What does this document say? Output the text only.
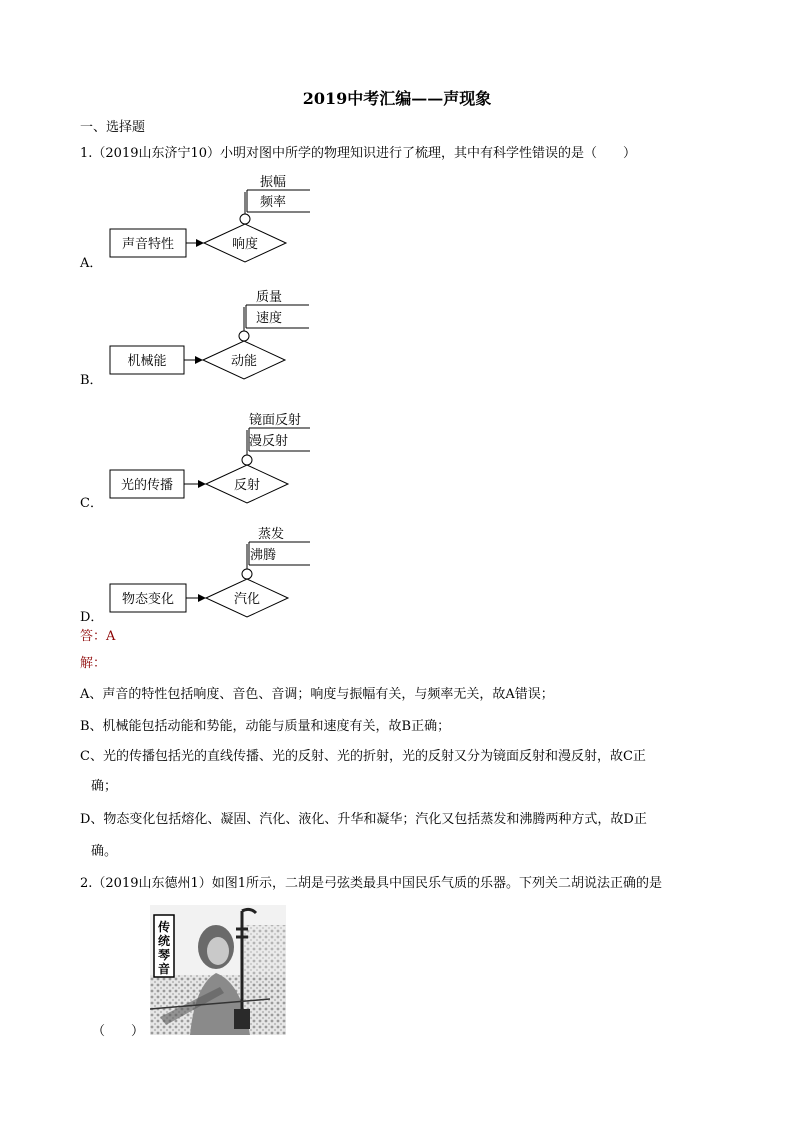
2019中考汇编——声现象
一、选择题
1.（2019山东济宁10）小明对图中所学的物理知识进行了梳理，其中有科学性错误的是（　　）
声音特性	响度
振幅
频率
A．
机械能	动能
质量
速度
B．
光的传播	反射
镜面反射
漫反射
C．
物态变化	汽化
蒸发
沸腾
D．
答：A
解：
A、声音的特性包括响度、音色、音调；响度与振幅有关，与频率无关，故A错误；
B、机械能包括动能和势能，动能与质量和速度有关，故B正确；
C、光的传播包括光的直线传播、光的反射、光的折射，光的反射又分为镜面反射和漫反射，故C正
确；
D、物态变化包括熔化、凝固、汽化、液化、升华和凝华；汽化又包括蒸发和沸腾两种方式，故D正
确。
2.（2019山东德州1）如图1所示，二胡是弓弦类最具中国民乐气质的乐器。下列关二胡说法正确的是
传
统
琴
音
（　　）
